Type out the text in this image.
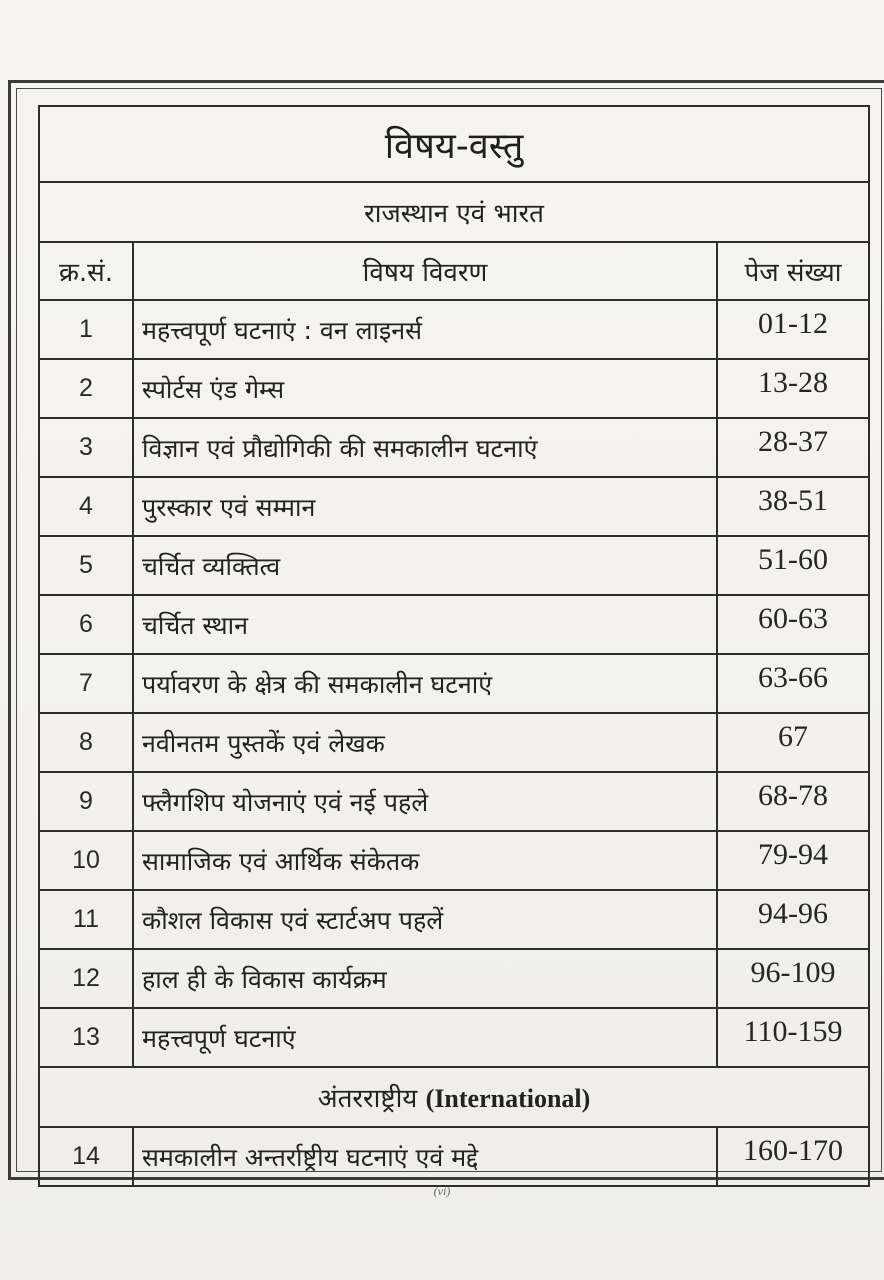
विषय-वस्तु		
राजस्थान एवं भारत		
क्र.सं.	विषय विवरण	पेज संख्या
1	महत्त्वपूर्ण घटनाएं : वन लाइनर्स	01-12
2	स्पोर्टस एंड गेम्स	13-28
3	विज्ञान एवं प्रौद्योगिकी की समकालीन घटनाएं	28-37
4	पुरस्कार एवं सम्मान	38-51
5	चर्चित व्यक्तित्व	51-60
6	चर्चित स्थान	60-63
7	पर्यावरण के क्षेत्र की समकालीन घटनाएं	63-66
8	नवीनतम पुस्तकें एवं लेखक	67
9	फ्लैगशिप योजनाएं एवं नई पहले	68-78
10	सामाजिक एवं आर्थिक संकेतक	79-94
11	कौशल विकास एवं स्टार्टअप पहलें	94-96
12	हाल ही के विकास कार्यक्रम	96-109
13	महत्त्वपूर्ण घटनाएं	110-159
अंतरराष्ट्रीय (International)		
14	समकालीन अन्तर्राष्ट्रीय घटनाएं एवं मद्दे	160-170
(vi)
